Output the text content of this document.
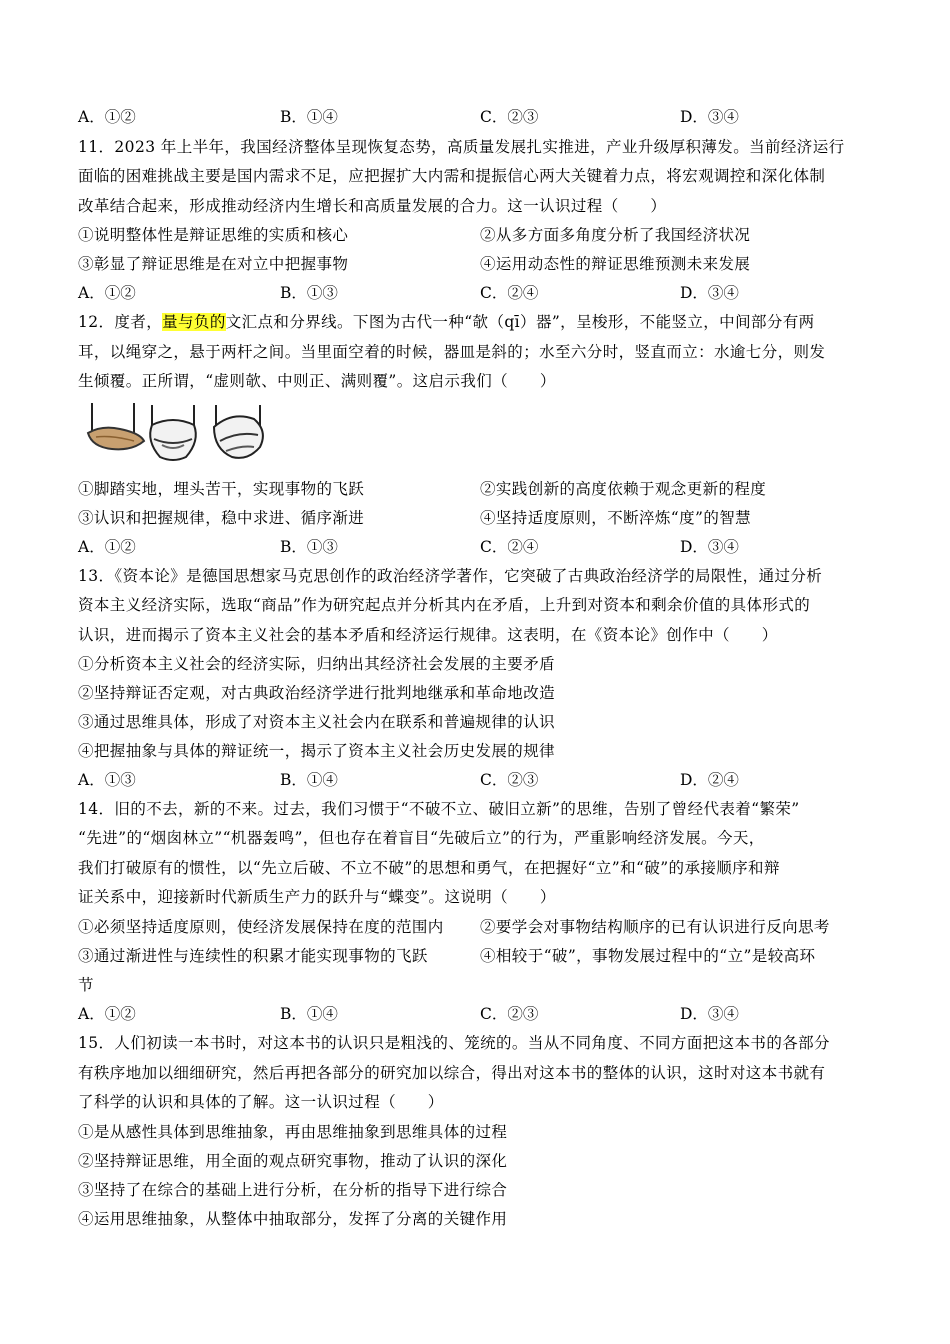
A．①②	B．①④	C．②③	D．③④
11．2023 年上半年，我国经济整体呈现恢复态势，高质量发展扎实推进，产业升级厚积薄发。当前经济运行
面临的困难挑战主要是国内需求不足，应把握扩大内需和提振信心两大关键着力点，将宏观调控和深化体制
改革结合起来，形成推动经济内生增长和高质量发展的合力。这一认识过程（　　）
①说明整体性是辩证思维的实质和核心	②从多方面多角度分析了我国经济状况
③彰显了辩证思维是在对立中把握事物	④运用动态性的辩证思维预测未来发展
A．①②	B．①③	C．②④	D．③④
12．度者，量与负的文汇点和分界线。下图为古代一种“欹（qī）器”，呈梭形，不能竖立，中间部分有两
耳，以绳穿之，悬于两杆之间。当里面空着的时候，器皿是斜的；水至六分时，竖直而立：水逾七分，则发
生倾覆。正所谓，“虚则欹、中则正、满则覆”。这启示我们（　　）
①脚踏实地，埋头苦干，实现事物的飞跃	②实践创新的高度依赖于观念更新的程度
③认识和把握规律，稳中求进、循序渐进	④坚持适度原则，不断淬炼“度”的智慧
A．①②	B．①③	C．②④	D．③④
13．《资本论》是德国思想家马克思创作的政治经济学著作，它突破了古典政治经济学的局限性，通过分析
资本主义经济实际，选取“商品”作为研究起点并分析其内在矛盾，上升到对资本和剩余价值的具体形式的
认识，进而揭示了资本主义社会的基本矛盾和经济运行规律。这表明，在《资本论》创作中（　　）
①分析资本主义社会的经济实际，归纳出其经济社会发展的主要矛盾
②坚持辩证否定观，对古典政治经济学进行批判地继承和革命地改造
③通过思维具体，形成了对资本主义社会内在联系和普遍规律的认识
④把握抽象与具体的辩证统一，揭示了资本主义社会历史发展的规律
A．①③	B．①④	C．②③	D．②④
14．旧的不去，新的不来。过去，我们习惯于“不破不立、破旧立新”的思维，告别了曾经代表着“繁荣”
“先进”的“烟囱林立”“机器轰鸣”，但也存在着盲目“先破后立”的行为，严重影响经济发展。今天，
我们打破原有的惯性，以“先立后破、不立不破”的思想和勇气，在把握好“立”和“破”的承接顺序和辩
证关系中，迎接新时代新质生产力的跃升与“蝶变”。这说明（　　）
①必须坚持适度原则，使经济发展保持在度的范围内 ②要学会对事物结构顺序的已有认识进行反向思考
③通过渐进性与连续性的积累才能实现事物的飞跃	④相较于“破”，事物发展过程中的“立”是较高环
节
A．①②	B．①④	C．②③	D．③④
15．人们初读一本书时，对这本书的认识只是粗浅的、笼统的。当从不同角度、不同方面把这本书的各部分
有秩序地加以细细研究，然后再把各部分的研究加以综合，得出对这本书的整体的认识，这时对这本书就有
了科学的认识和具体的了解。这一认识过程（　　）
①是从感性具体到思维抽象，再由思维抽象到思维具体的过程
②坚持辩证思维，用全面的观点研究事物，推动了认识的深化
③坚持了在综合的基础上进行分析，在分析的指导下进行综合
④运用思维抽象，从整体中抽取部分，发挥了分离的关键作用
